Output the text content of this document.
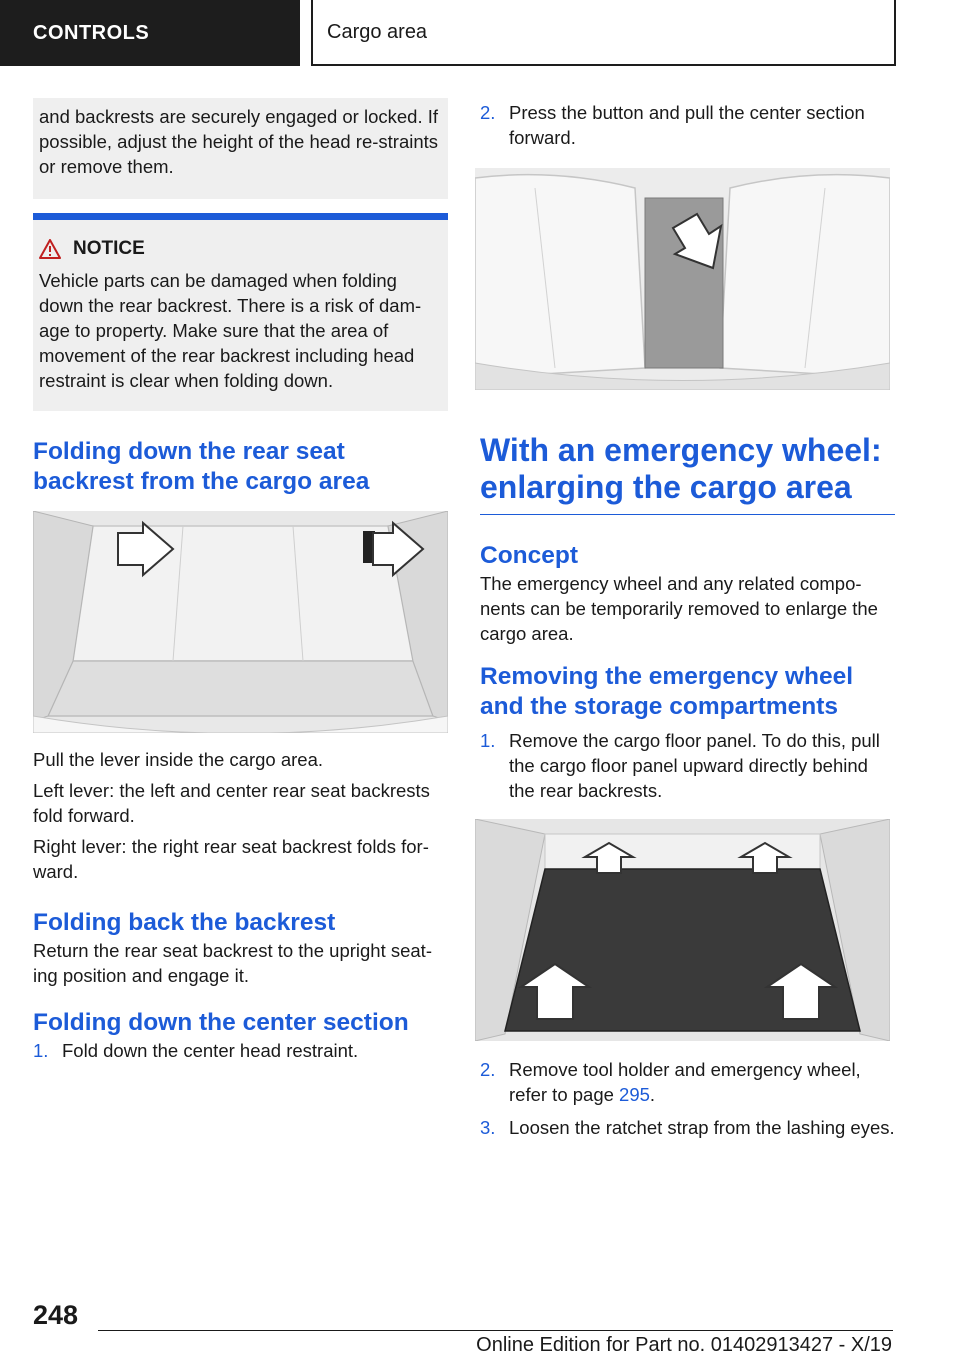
CONTROLS	Cargo area

and backrests are securely engaged or locked. If possible, adjust the height of the head re-straints or remove them.

NOTICE

Vehicle parts can be damaged when folding down the rear backrest. There is a risk of dam-age to property. Make sure that the area of movement of the rear backrest including head restraint is clear when folding down.

Folding down the rear seat backrest from the cargo area

Pull the lever inside the cargo area.

Left lever: the left and center rear seat backrests fold forward.

Right lever: the right rear seat backrest folds for-ward.

Folding back the backrest

Return the rear seat backrest to the upright seat-ing position and engage it.

Folding down the center section
1. Fold down the center head restraint.
2. Press the button and pull the center section forward.
With an emergency wheel: enlarging the cargo area
Concept

The emergency wheel and any related compo-nents can be temporarily removed to enlarge the cargo area.

Removing the emergency wheel and the storage compartments
1. Remove the cargo floor panel. To do this, pull the cargo floor panel upward directly behind the rear backrests.
2. Remove tool holder and emergency wheel, refer to page 295.
3. Loosen the ratchet strap from the lashing eyes.
248
Online Edition for Part no. 01402913427 - X/19
